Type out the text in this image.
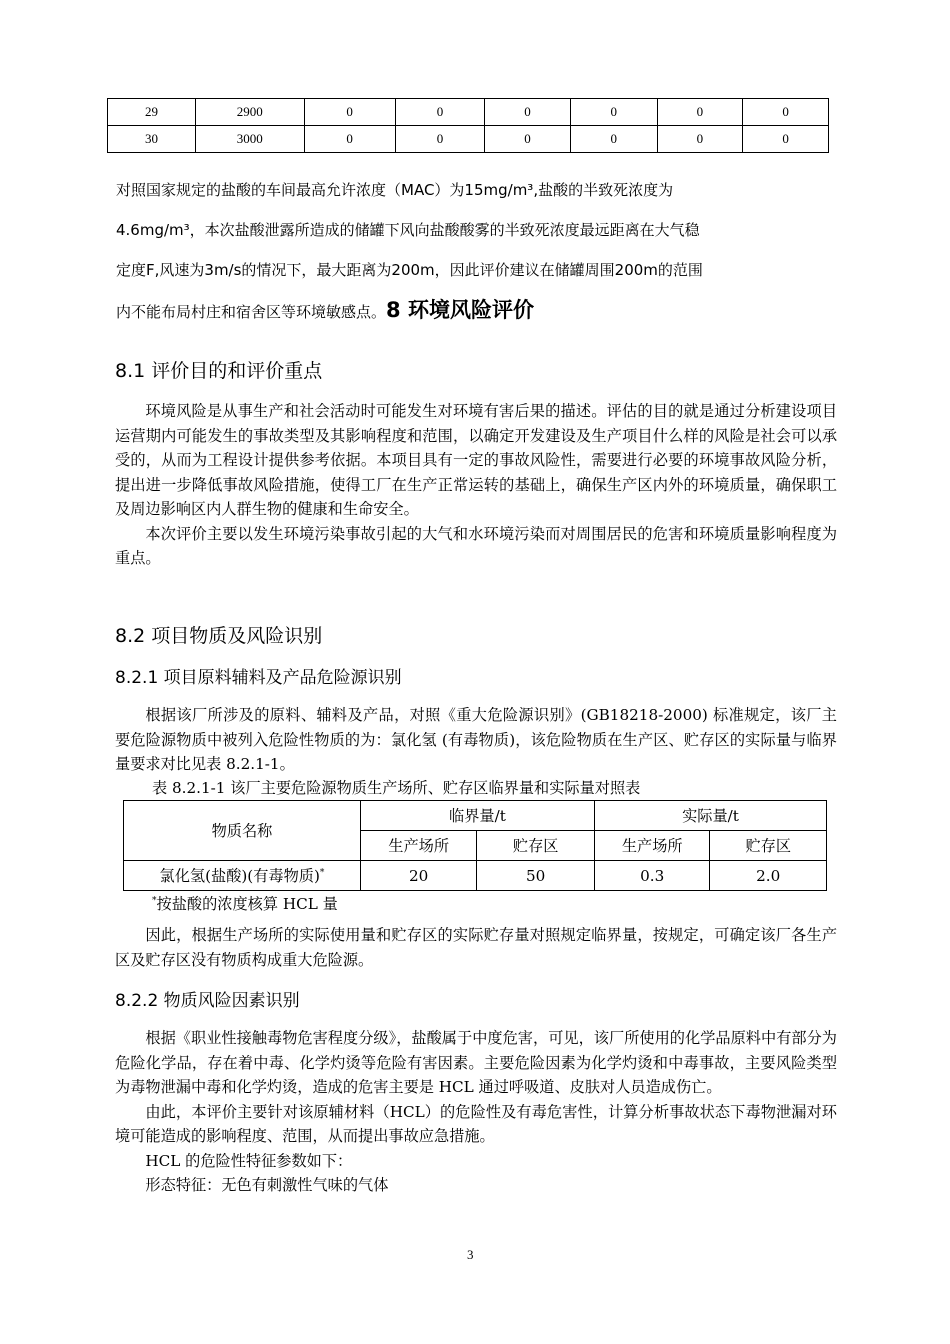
29	2900	0	0	0	0	0	0
30	3000	0	0	0	0	0	0
对照国家规定的盐酸的车间最高允许浓度（MAC）为15mg/m³,盐酸的半致死浓度为
4.6mg/m³，本次盐酸泄露所造成的储罐下风向盐酸酸雾的半致死浓度最远距离在大气稳
定度F,风速为3m/s的情况下，最大距离为200m，因此评价建议在储罐周围200m的范围
内不能布局村庄和宿舍区等环境敏感点。8 环境风险评价
8.1 评价目的和评价重点

环境风险是从事生产和社会活动时可能发生对环境有害后果的描述。评估的目的就是通过分析建设项目运营期内可能发生的事故类型及其影响程度和范围，以确定开发建设及生产项目什么样的风险是社会可以承受的，从而为工程设计提供参考依据。本项目具有一定的事故风险性，需要进行必要的环境事故风险分析，提出进一步降低事故风险措施，使得工厂在生产正常运转的基础上，确保生产区内外的环境质量，确保职工及周边影响区内人群生物的健康和生命安全。

本次评价主要以发生环境污染事故引起的大气和水环境污染而对周围居民的危害和环境质量影响程度为重点。

8.2 项目物质及风险识别
8.2.1 项目原料辅料及产品危险源识别

根据该厂所涉及的原料、辅料及产品，对照《重大危险源识别》(GB18218-2000) 标准规定，该厂主要危险源物质中被列入危险性物质的为：氯化氢 (有毒物质)，该危险物质在生产区、贮存区的实际量与临界量要求对比见表 8.2.1-1。

表 8.2.1-1 该厂主要危险源物质生产场所、贮存区临界量和实际量对照表
物质名称	临界量/t		实际量/t	
	生产场所	贮存区	生产场所	贮存区
氯化氢(盐酸)(有毒物质)*	20	50	0.3	2.0
*按盐酸的浓度核算 HCL 量

因此，根据生产场所的实际使用量和贮存区的实际贮存量对照规定临界量，按规定，可确定该厂各生产区及贮存区没有物质构成重大危险源。

8.2.2 物质风险因素识别

根据《职业性接触毒物危害程度分级》，盐酸属于中度危害，可见，该厂所使用的化学品原料中有部分为危险化学品，存在着中毒、化学灼烫等危险有害因素。主要危险因素为化学灼烫和中毒事故，主要风险类型为毒物泄漏中毒和化学灼烫，造成的危害主要是 HCL 通过呼吸道、皮肤对人员造成伤亡。

由此，本评价主要针对该原辅材料（HCL）的危险性及有毒危害性，计算分析事故状态下毒物泄漏对环境可能造成的影响程度、范围，从而提出事故应急措施。

HCL 的危险性特征参数如下：

形态特征：无色有刺激性气味的气体

3
